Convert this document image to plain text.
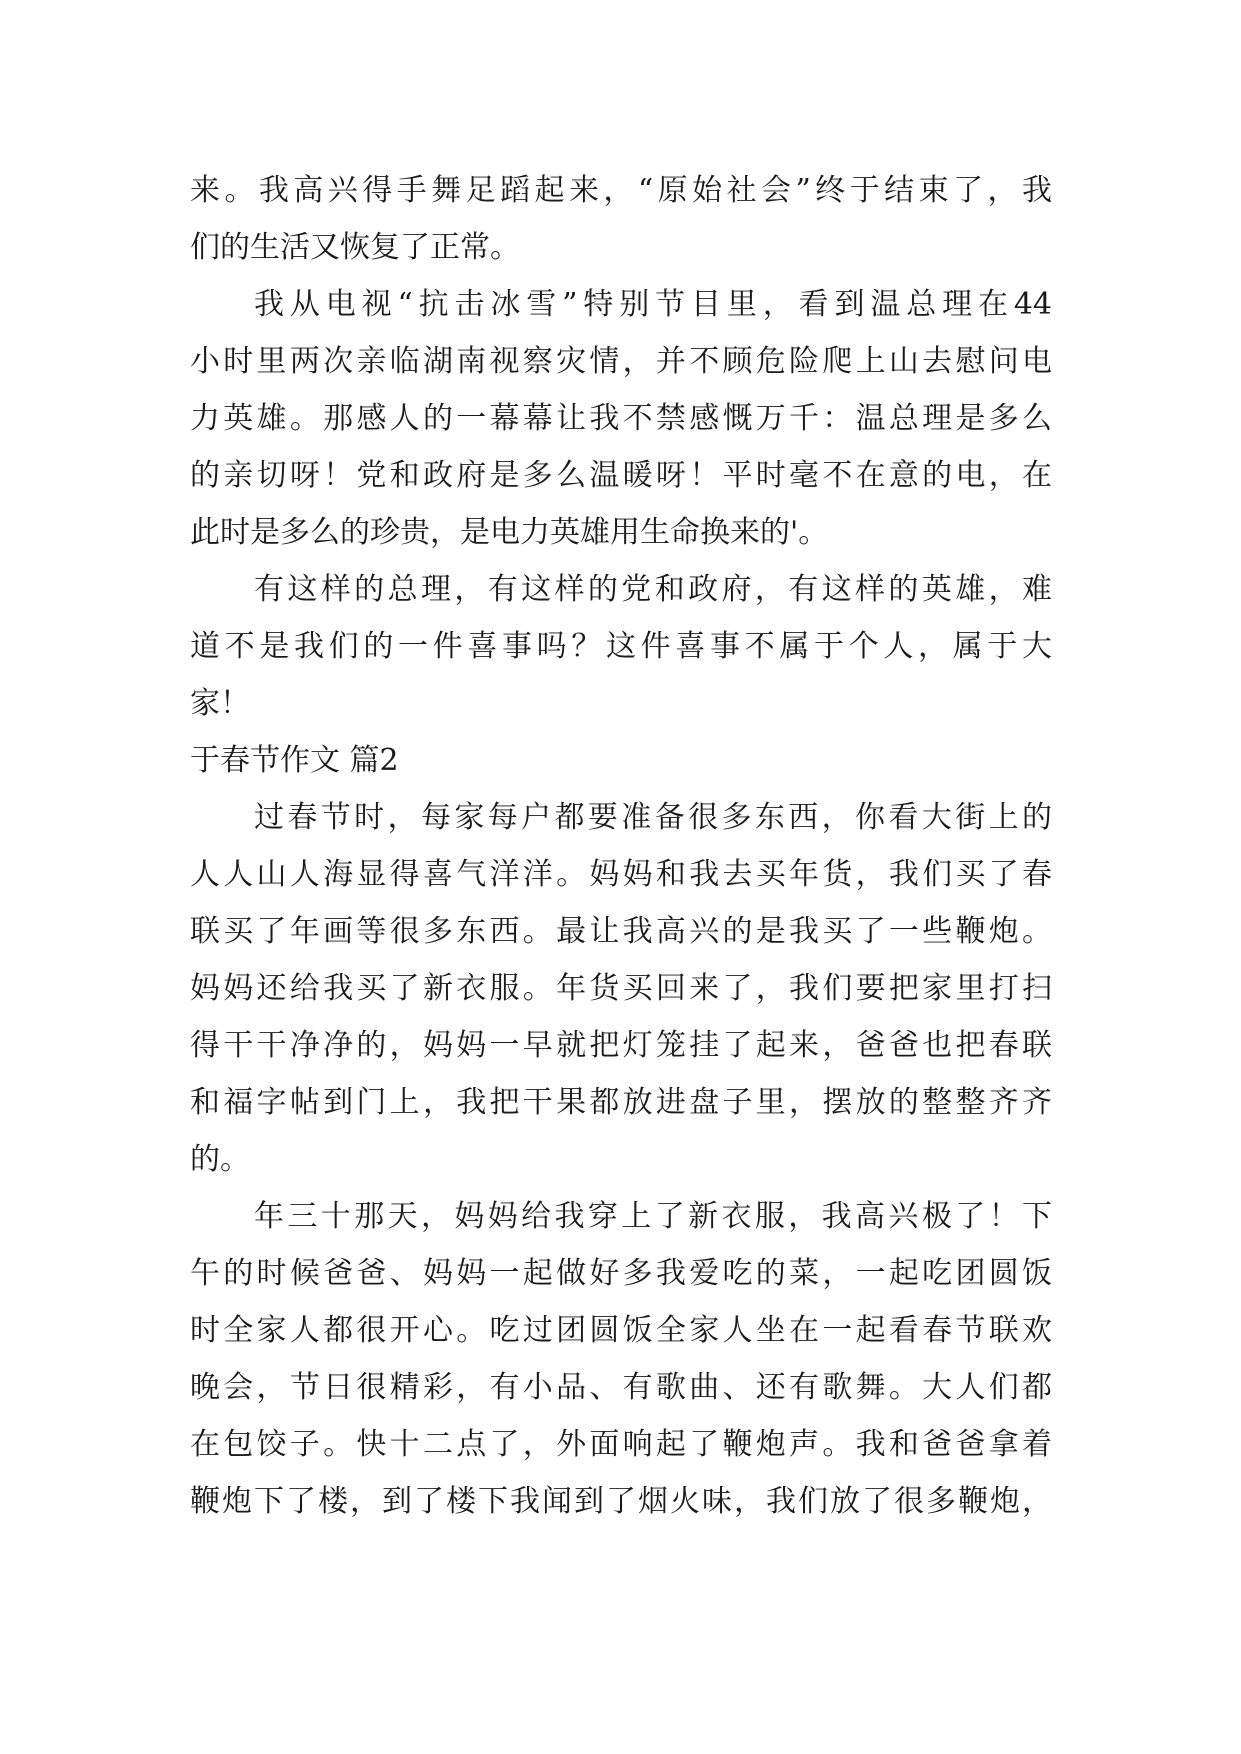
来。我高兴得手舞足蹈起来，“原始社会”终于结束了，我
们的生活又恢复了正常。
我从电视“抗击冰雪”特别节目里，看到温总理在44
小时里两次亲临湖南视察灾情，并不顾危险爬上山去慰问电
力英雄。那感人的一幕幕让我不禁感慨万千：温总理是多么
的亲切呀！党和政府是多么温暖呀！平时毫不在意的电，在
此时是多么的珍贵，是电力英雄用生命换来的'。
有这样的总理，有这样的党和政府，有这样的英雄，难
道不是我们的一件喜事吗？这件喜事不属于个人，属于大
家！
于春节作文 篇2
过春节时，每家每户都要准备很多东西，你看大街上的
人人山人海显得喜气洋洋。妈妈和我去买年货，我们买了春
联买了年画等很多东西。最让我高兴的是我买了一些鞭炮。
妈妈还给我买了新衣服。年货买回来了，我们要把家里打扫
得干干净净的，妈妈一早就把灯笼挂了起来，爸爸也把春联
和福字帖到门上，我把干果都放进盘子里，摆放的整整齐齐
的。
年三十那天，妈妈给我穿上了新衣服，我高兴极了！下
午的时候爸爸、妈妈一起做好多我爱吃的菜，一起吃团圆饭
时全家人都很开心。吃过团圆饭全家人坐在一起看春节联欢
晚会，节日很精彩，有小品、有歌曲、还有歌舞。大人们都
在包饺子。快十二点了，外面响起了鞭炮声。我和爸爸拿着
鞭炮下了楼，到了楼下我闻到了烟火味，我们放了很多鞭炮，
